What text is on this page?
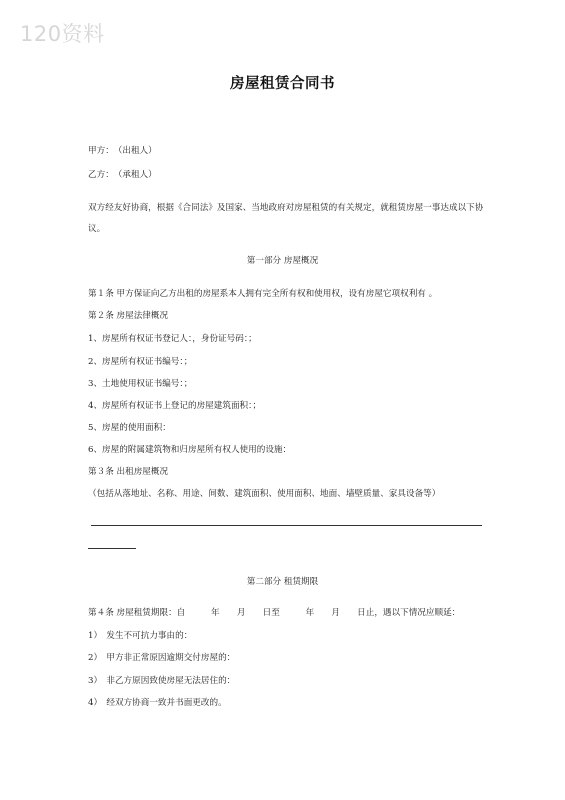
120资料
房屋租赁合同书
甲方：　（出租人）
乙方：　（承租人）
双方经友好协商，根据《合同法》及国家、当地政府对房屋租赁的有关规定，就租赁房屋一事达成以下协
议。
第一部分 房屋概况
第１条 甲方保证向乙方出租的房屋系本人拥有完全所有权和使用权，设有房屋它项权利有 。
第２条 房屋法律概况
1、房屋所有权证书登记人：，身份证号码：；
2、房屋所有权证书编号：；
3、土地使用权证书编号：；
4、房屋所有权证书上登记的房屋建筑面积：；
5、房屋的使用面积：
6、房屋的附属建筑物和归房屋所有权人使用的设施：
第３条 出租房屋概况
（包括从落地址、名称、用途、间数、建筑面积、使用面积、地面、墙壁质量、家具设备等）
第二部分 租赁期限
第４条 房屋租赁期限：自　　　年　　月　　日至　　　年　　月　　日止，遇以下情况应顺延：
1）　发生不可抗力事由的：
2）　甲方非正常原因逾期交付房屋的：
3）　非乙方原因致使房屋无法居住的：
4）　经双方协商一致并书面更改的。
